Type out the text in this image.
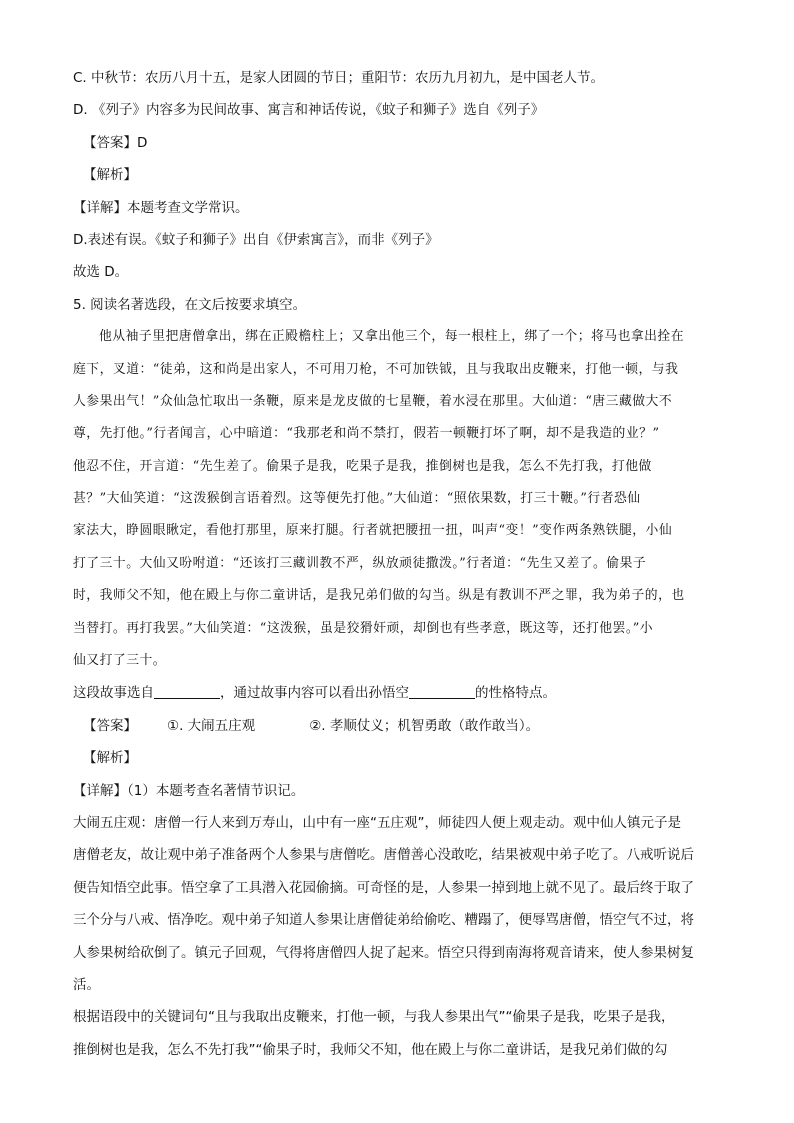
C. 中秋节：农历八月十五，是家人团圆的节日；重阳节：农历九月初九，是中国老人节。
D. 《列子》内容多为民间故事、寓言和神话传说，《蚊子和狮子》选自《列子》
【答案】D
【解析】
【详解】本题考查文学常识。
D.表述有误。《蚊子和狮子》出自《伊索寓言》，而非《列子》
故选 D。
5. 阅读名著选段，在文后按要求填空。
他从袖子里把唐僧拿出，绑在正殿檐柱上；又拿出他三个，每一根柱上，绑了一个；将马也拿出拴在
庭下，叉道：“徒弟，这和尚是出家人，不可用刀枪，不可加铁钺，且与我取出皮鞭来，打他一顿，与我
人参果出气！”众仙急忙取出一条鞭，原来是龙皮做的七星鞭，着水浸在那里。大仙道：“唐三藏做大不
尊，先打他。”行者闻言，心中暗道：“我那老和尚不禁打，假若一顿鞭打坏了啊，却不是我造的业？”
他忍不住，开言道：“先生差了。偷果子是我，吃果子是我，推倒树也是我，怎么不先打我，打他做
甚？”大仙笑道：“这泼猴倒言语着烈。这等便先打他。”大仙道：“照依果数，打三十鞭。”行者恐仙
家法大，睁圆眼瞅定，看他打那里，原来打腿。行者就把腰扭一扭，叫声“变！”变作两条熟铁腿，小仙
打了三十。大仙又吩咐道：“还该打三藏训教不严，纵放顽徒撒泼。”行者道：“先生又差了。偷果子
时，我师父不知，他在殿上与你二童讲话，是我兄弟们做的勾当。纵是有教训不严之罪，我为弟子的，也
当替打。再打我罢。”大仙笑道：“这泼猴，虽是狡猾奸顽，却倒也有些孝意，既这等，还打他罢。”小
仙又打了三十。
这段故事选自	，通过故事内容可以看出孙悟空	的性格特点。
【答案】 ①. 大闹五庄观	②. 孝顺仗义；机智勇敢（敢作敢当）。
【解析】
【详解】（1）本题考查名著情节识记。
大闹五庄观：唐僧一行人来到万寿山，山中有一座“五庄观”，师徒四人便上观走动。观中仙人镇元子是
唐僧老友，故让观中弟子准备两个人参果与唐僧吃。唐僧善心没敢吃，结果被观中弟子吃了。八戒听说后
便告知悟空此事。悟空拿了工具潜入花园偷摘。可奇怪的是，人参果一掉到地上就不见了。最后终于取了
三个分与八戒、悟净吃。观中弟子知道人参果让唐僧徒弟给偷吃、糟蹋了，便辱骂唐僧，悟空气不过，将
人参果树给砍倒了。镇元子回观，气得将唐僧四人捉了起来。悟空只得到南海将观音请来，使人参果树复
活。
根据语段中的关键词句“且与我取出皮鞭来，打他一顿，与我人参果出气”“偷果子是我，吃果子是我，
推倒树也是我，怎么不先打我”“偷果子时，我师父不知，他在殿上与你二童讲话，是我兄弟们做的勾
